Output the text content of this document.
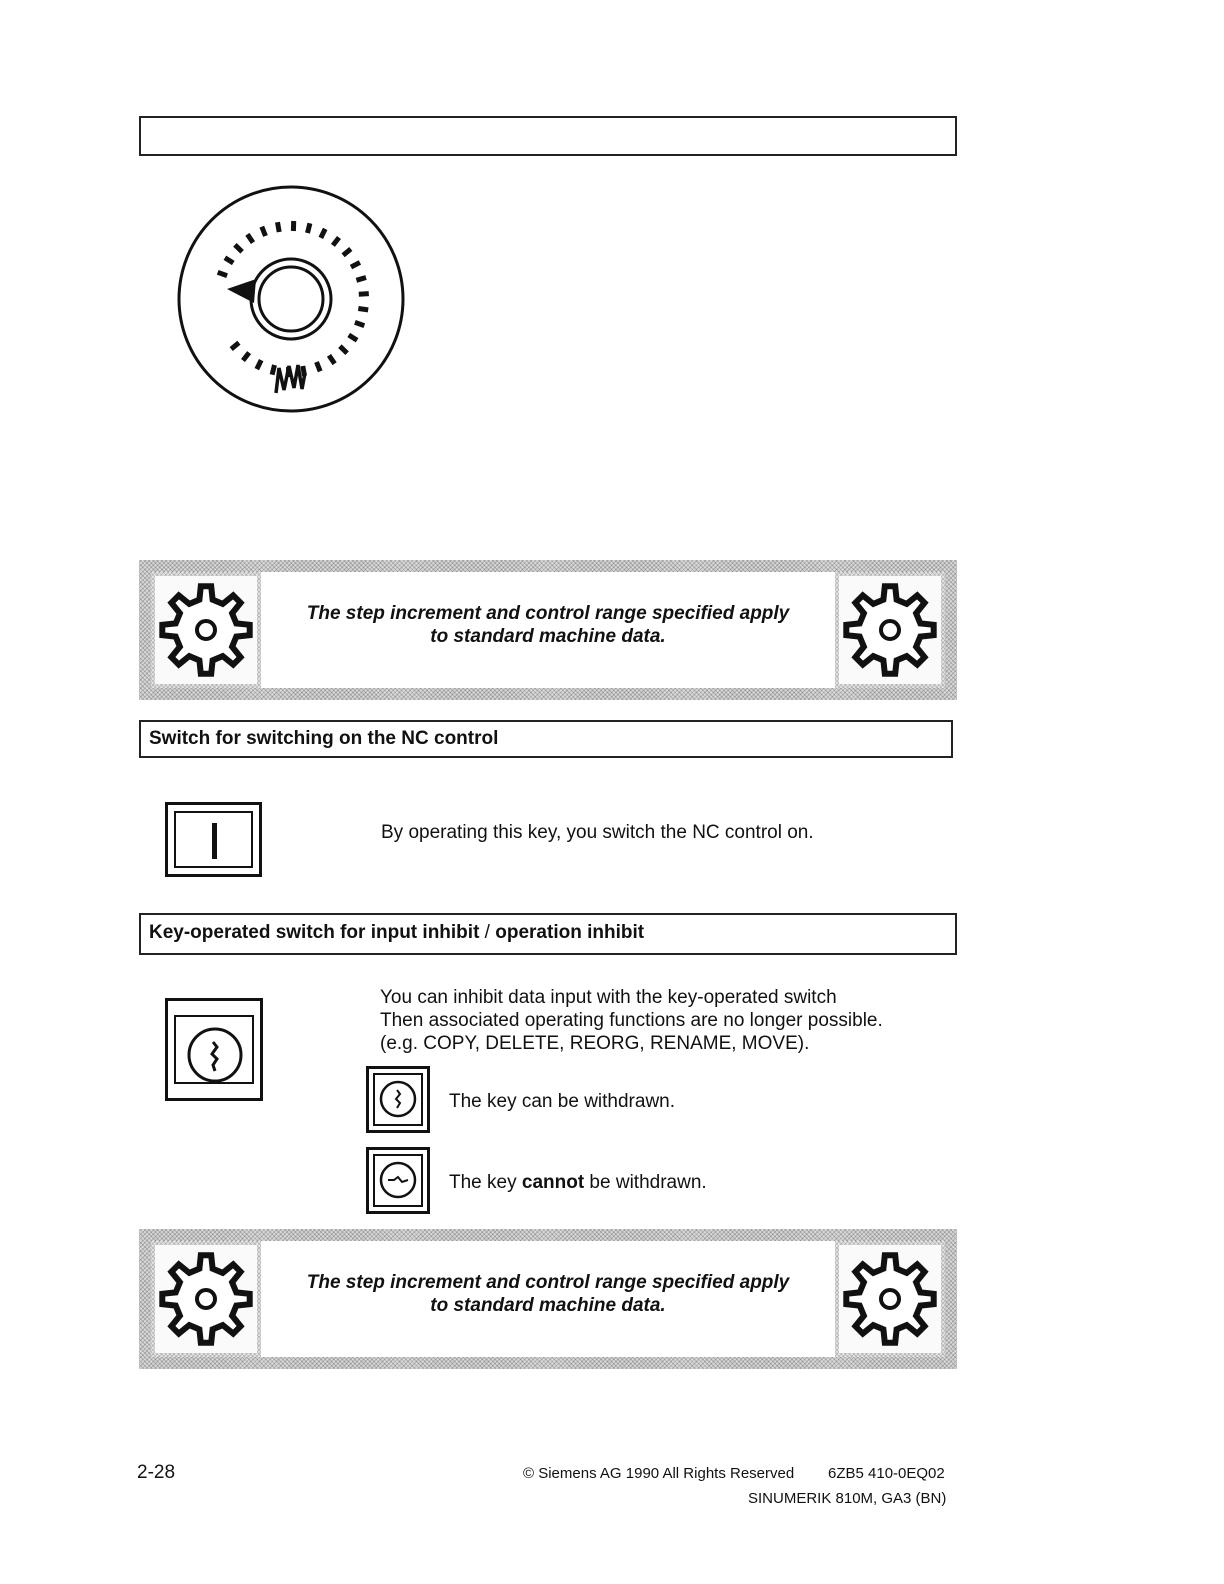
The step increment and control range specified apply
to standard machine data.
Switch for switching on the NC control
By operating this key, you switch the NC control on.
Key-operated switch for input inhibit / operation inhibit
You can inhibit data input with the key-operated switch
Then associated operating functions are no longer possible.
(e.g. COPY, DELETE, REORG, RENAME, MOVE).
The key can be withdrawn.
The key cannot be withdrawn.
The step increment and control range specified apply
to standard machine data.
2-28	© Siemens AG 1990 All Rights Reserved 6ZB5 410-0EQ02
SINUMERIK 810M, GA3 (BN)
